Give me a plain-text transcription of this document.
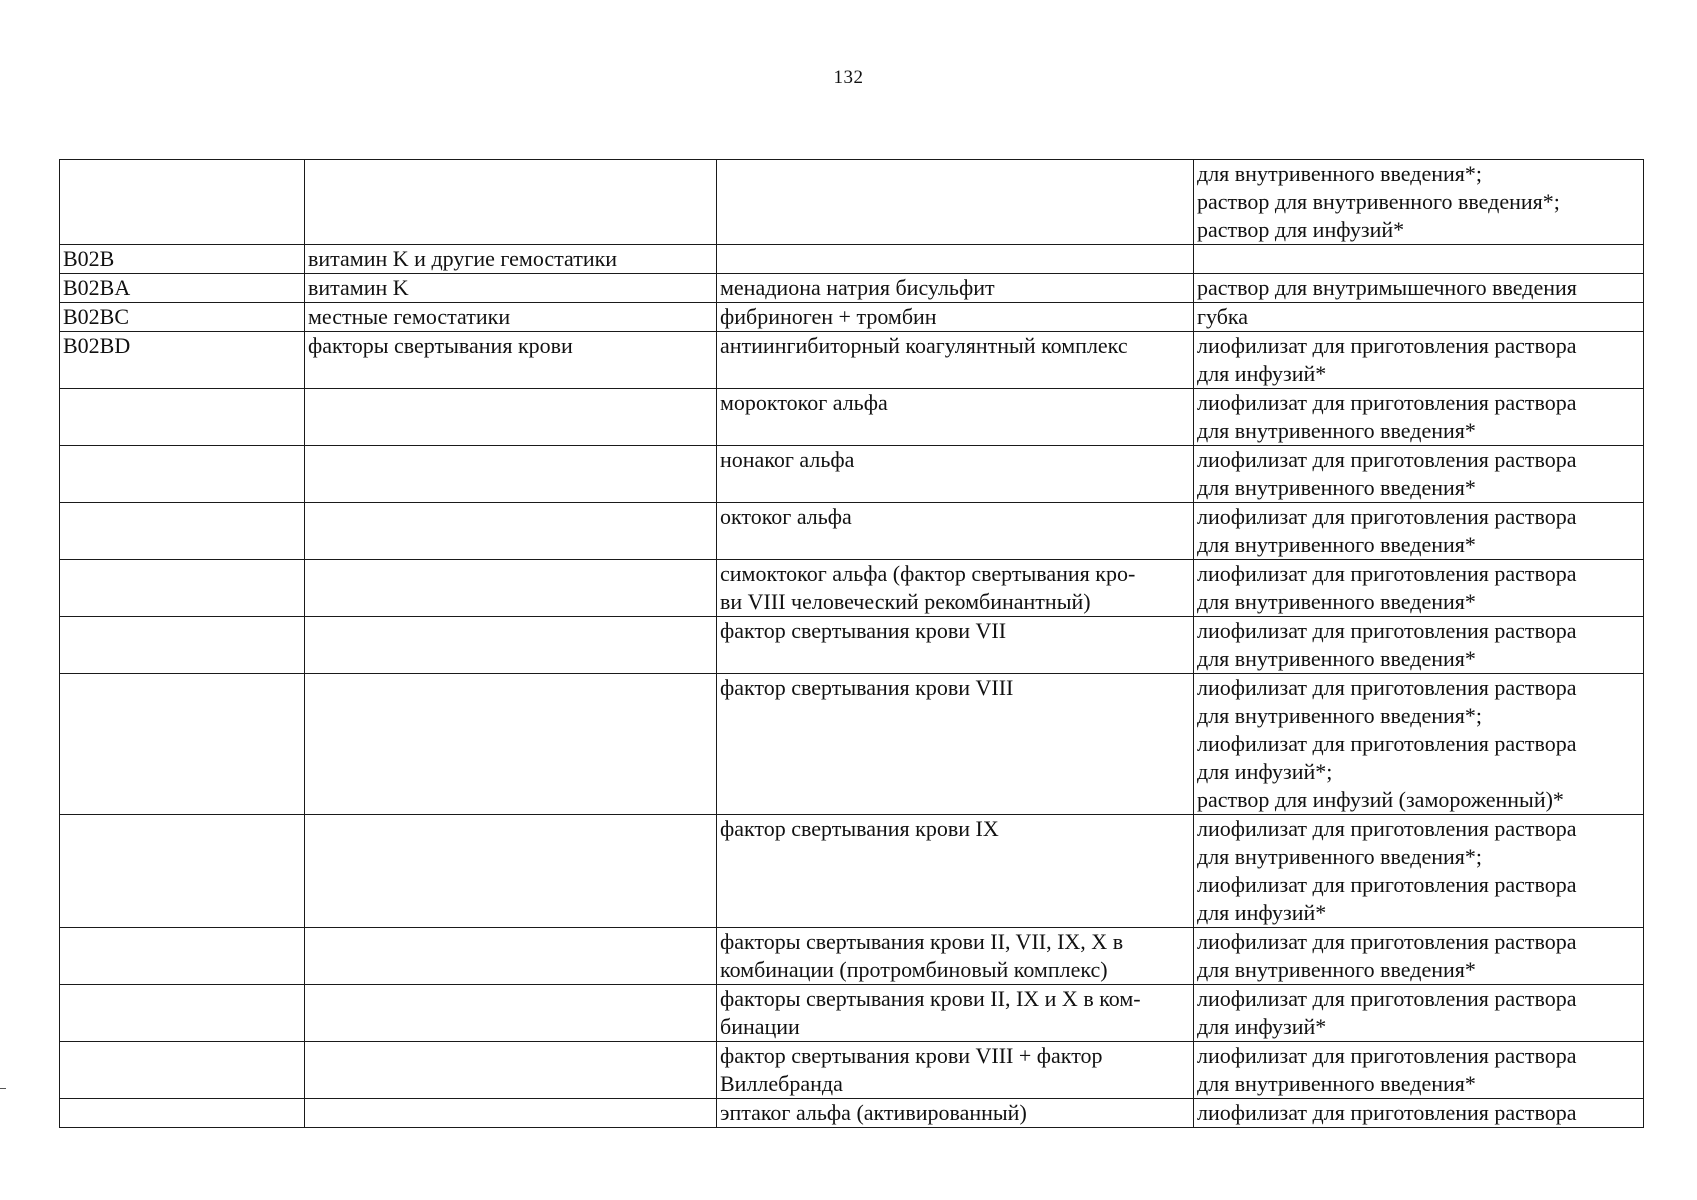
132
			для внутривенного введения*;
раствор для внутривенного введения*;
раствор для инфузий*
B02B	витамин K и другие гемостатики		
B02BA	витамин K	менадиона натрия бисульфит	раствор для внутримышечного введения
B02BC	местные гемостатики	фибриноген + тромбин	губка
B02BD	факторы свертывания крови	антиингибиторный коагулянтный комплекс	лиофилизат для приготовления раствора
для инфузий*
		мороктоког альфа	лиофилизат для приготовления раствора
для внутривенного введения*
		нонаког альфа	лиофилизат для приготовления раствора
для внутривенного введения*
		октоког альфа	лиофилизат для приготовления раствора
для внутривенного введения*
		симоктоког альфа (фактор свертывания кро-
ви VIII человеческий рекомбинантный)	лиофилизат для приготовления раствора
для внутривенного введения*
		фактор свертывания крови VII	лиофилизат для приготовления раствора
для внутривенного введения*
		фактор свертывания крови VIII	лиофилизат для приготовления раствора
для внутривенного введения*;
лиофилизат для приготовления раствора
для инфузий*;
раствор для инфузий (замороженный)*
		фактор свертывания крови IX	лиофилизат для приготовления раствора
для внутривенного введения*;
лиофилизат для приготовления раствора
для инфузий*
		факторы свертывания крови II, VII, IX, X в
комбинации (протромбиновый комплекс)	лиофилизат для приготовления раствора
для внутривенного введения*
		факторы свертывания крови II, IX и X в ком-
бинации	лиофилизат для приготовления раствора
для инфузий*
		фактор свертывания крови VIII + фактор
Виллебранда	лиофилизат для приготовления раствора
для внутривенного введения*
		эптаког альфа (активированный)	лиофилизат для приготовления раствора
